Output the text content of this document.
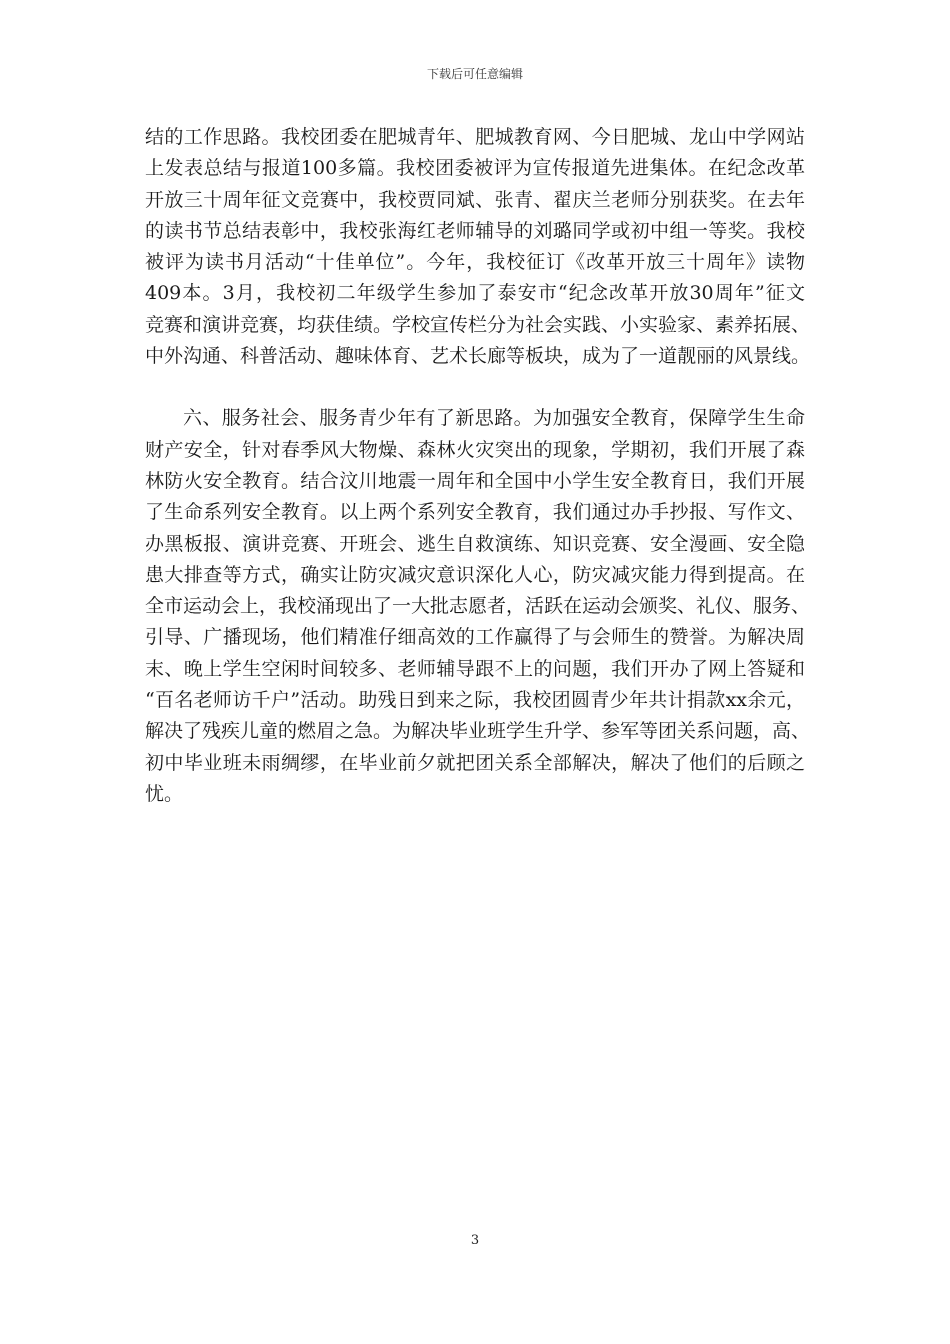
下载后可任意编辑
结的工作思路。我校团委在肥城青年、肥城教育网、今日肥城、龙山中学网站
上发表总结与报道100多篇。我校团委被评为宣传报道先进集体。在纪念改革
开放三十周年征文竞赛中，我校贾同斌、张青、翟庆兰老师分别获奖。在去年
的读书节总结表彰中，我校张海红老师辅导的刘璐同学或初中组一等奖。我校
被评为读书月活动“十佳单位”。今年，我校征订《改革开放三十周年》读物
409本。3月，我校初二年级学生参加了泰安市“纪念改革开放30周年”征文
竞赛和演讲竞赛，均获佳绩。学校宣传栏分为社会实践、小实验家、素养拓展、
中外沟通、科普活动、趣味体育、艺术长廊等板块，成为了一道靓丽的风景线。
六、服务社会、服务青少年有了新思路。为加强安全教育，保障学生生命
财产安全，针对春季风大物燥、森林火灾突出的现象，学期初，我们开展了森
林防火安全教育。结合汶川地震一周年和全国中小学生安全教育日，我们开展
了生命系列安全教育。以上两个系列安全教育，我们通过办手抄报、写作文、
办黑板报、演讲竞赛、开班会、逃生自救演练、知识竞赛、安全漫画、安全隐
患大排查等方式，确实让防灾减灾意识深化人心，防灾减灾能力得到提高。在
全市运动会上，我校涌现出了一大批志愿者，活跃在运动会颁奖、礼仪、服务、
引导、广播现场，他们精准仔细高效的工作赢得了与会师生的赞誉。为解决周
末、晚上学生空闲时间较多、老师辅导跟不上的问题，我们开办了网上答疑和
“百名老师访千户”活动。助残日到来之际，我校团圆青少年共计捐款xx余元，
解决了残疾儿童的燃眉之急。为解决毕业班学生升学、参军等团关系问题，高、
初中毕业班未雨绸缪，在毕业前夕就把团关系全部解决，解决了他们的后顾之
忧。
3
